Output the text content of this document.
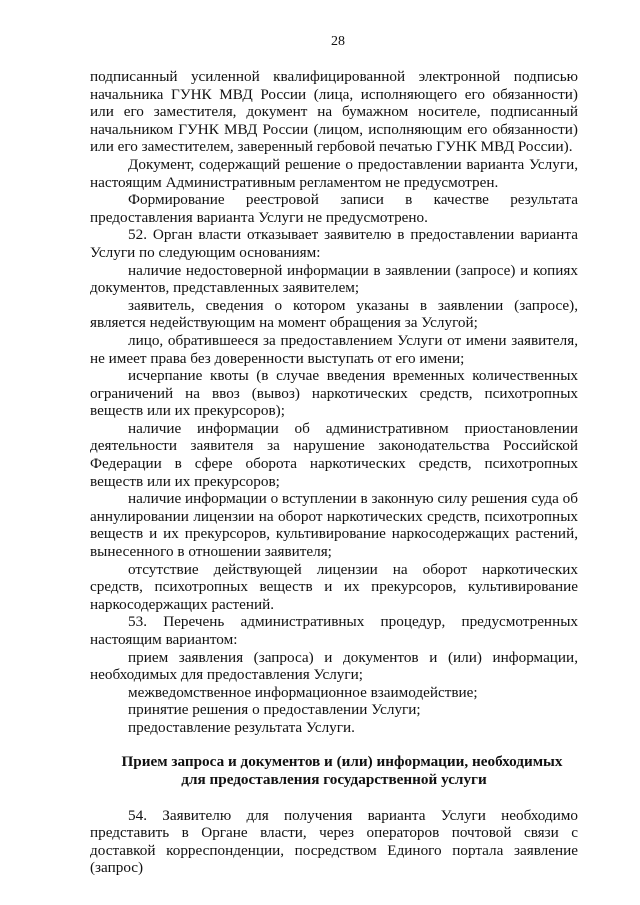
28

подписанный усиленной квалифицированной электронной подписью начальника ГУНК МВД России (лица, исполняющего его обязанности) или его заместителя, документ на бумажном носителе, подписанный начальником ГУНК МВД России (лицом, исполняющим его обязанности) или его заместителем, заверенный гербовой печатью ГУНК МВД России).

Документ, содержащий решение о предоставлении варианта Услуги, настоящим Административным регламентом не предусмотрен.

Формирование реестровой записи в качестве результата предоставления варианта Услуги не предусмотрено.

52. Орган власти отказывает заявителю в предоставлении варианта Услуги по следующим основаниям:

наличие недостоверной информации в заявлении (запросе) и копиях документов, представленных заявителем;

заявитель, сведения о котором указаны в заявлении (запросе), является недействующим на момент обращения за Услугой;

лицо, обратившееся за предоставлением Услуги от имени заявителя, не имеет права без доверенности выступать от его имени;

исчерпание квоты (в случае введения временных количественных ограничений на ввоз (вывоз) наркотических средств, психотропных веществ или их прекурсоров);

наличие информации об административном приостановлении деятельности заявителя за нарушение законодательства Российской Федерации в сфере оборота наркотических средств, психотропных веществ или их прекурсоров;

наличие информации о вступлении в законную силу решения суда об аннулировании лицензии на оборот наркотических средств, психотропных веществ и их прекурсоров, культивирование наркосодержащих растений, вынесенного в отношении заявителя;

отсутствие действующей лицензии на оборот наркотических средств, психотропных веществ и их прекурсоров, культивирование наркосодержащих растений.

53. Перечень административных процедур, предусмотренных настоящим вариантом:

прием заявления (запроса) и документов и (или) информации, необходимых для предоставления Услуги;

межведомственное информационное взаимодействие;

принятие решения о предоставлении Услуги;

предоставление результата Услуги.

Прием запроса и документов и (или) информации, необходимых
для предоставления государственной услуги

54. Заявителю для получения варианта Услуги необходимо представить в Органе власти, через операторов почтовой связи с доставкой корреспонденции, посредством Единого портала заявление (запрос)
